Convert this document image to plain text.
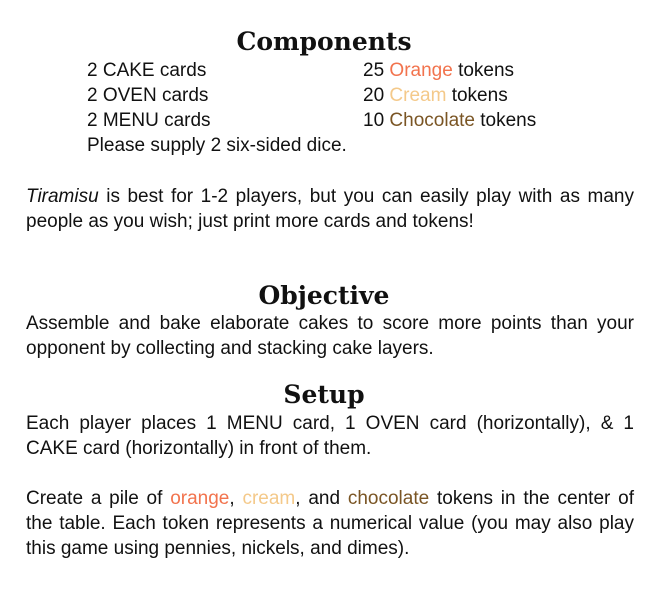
Components
2 CAKE cards	25 Orange tokens
2 OVEN cards	20 Cream tokens
2 MENU cards	10 Chocolate tokens
Please supply 2 six-sided dice.
Tiramisu is best for 1-2 players, but you can easily play with as many people as you wish; just print more cards and tokens!
Objective
Assemble and bake elaborate cakes to score more points than your opponent by collecting and stacking cake layers.
Setup
Each player places 1 MENU card, 1 OVEN card (horizontally), & 1 CAKE card (horizontally) in front of them.
Create a pile of orange, cream, and chocolate tokens in the center of the table. Each token represents a numerical value (you may also play this game using pennies, nickels, and dimes).
